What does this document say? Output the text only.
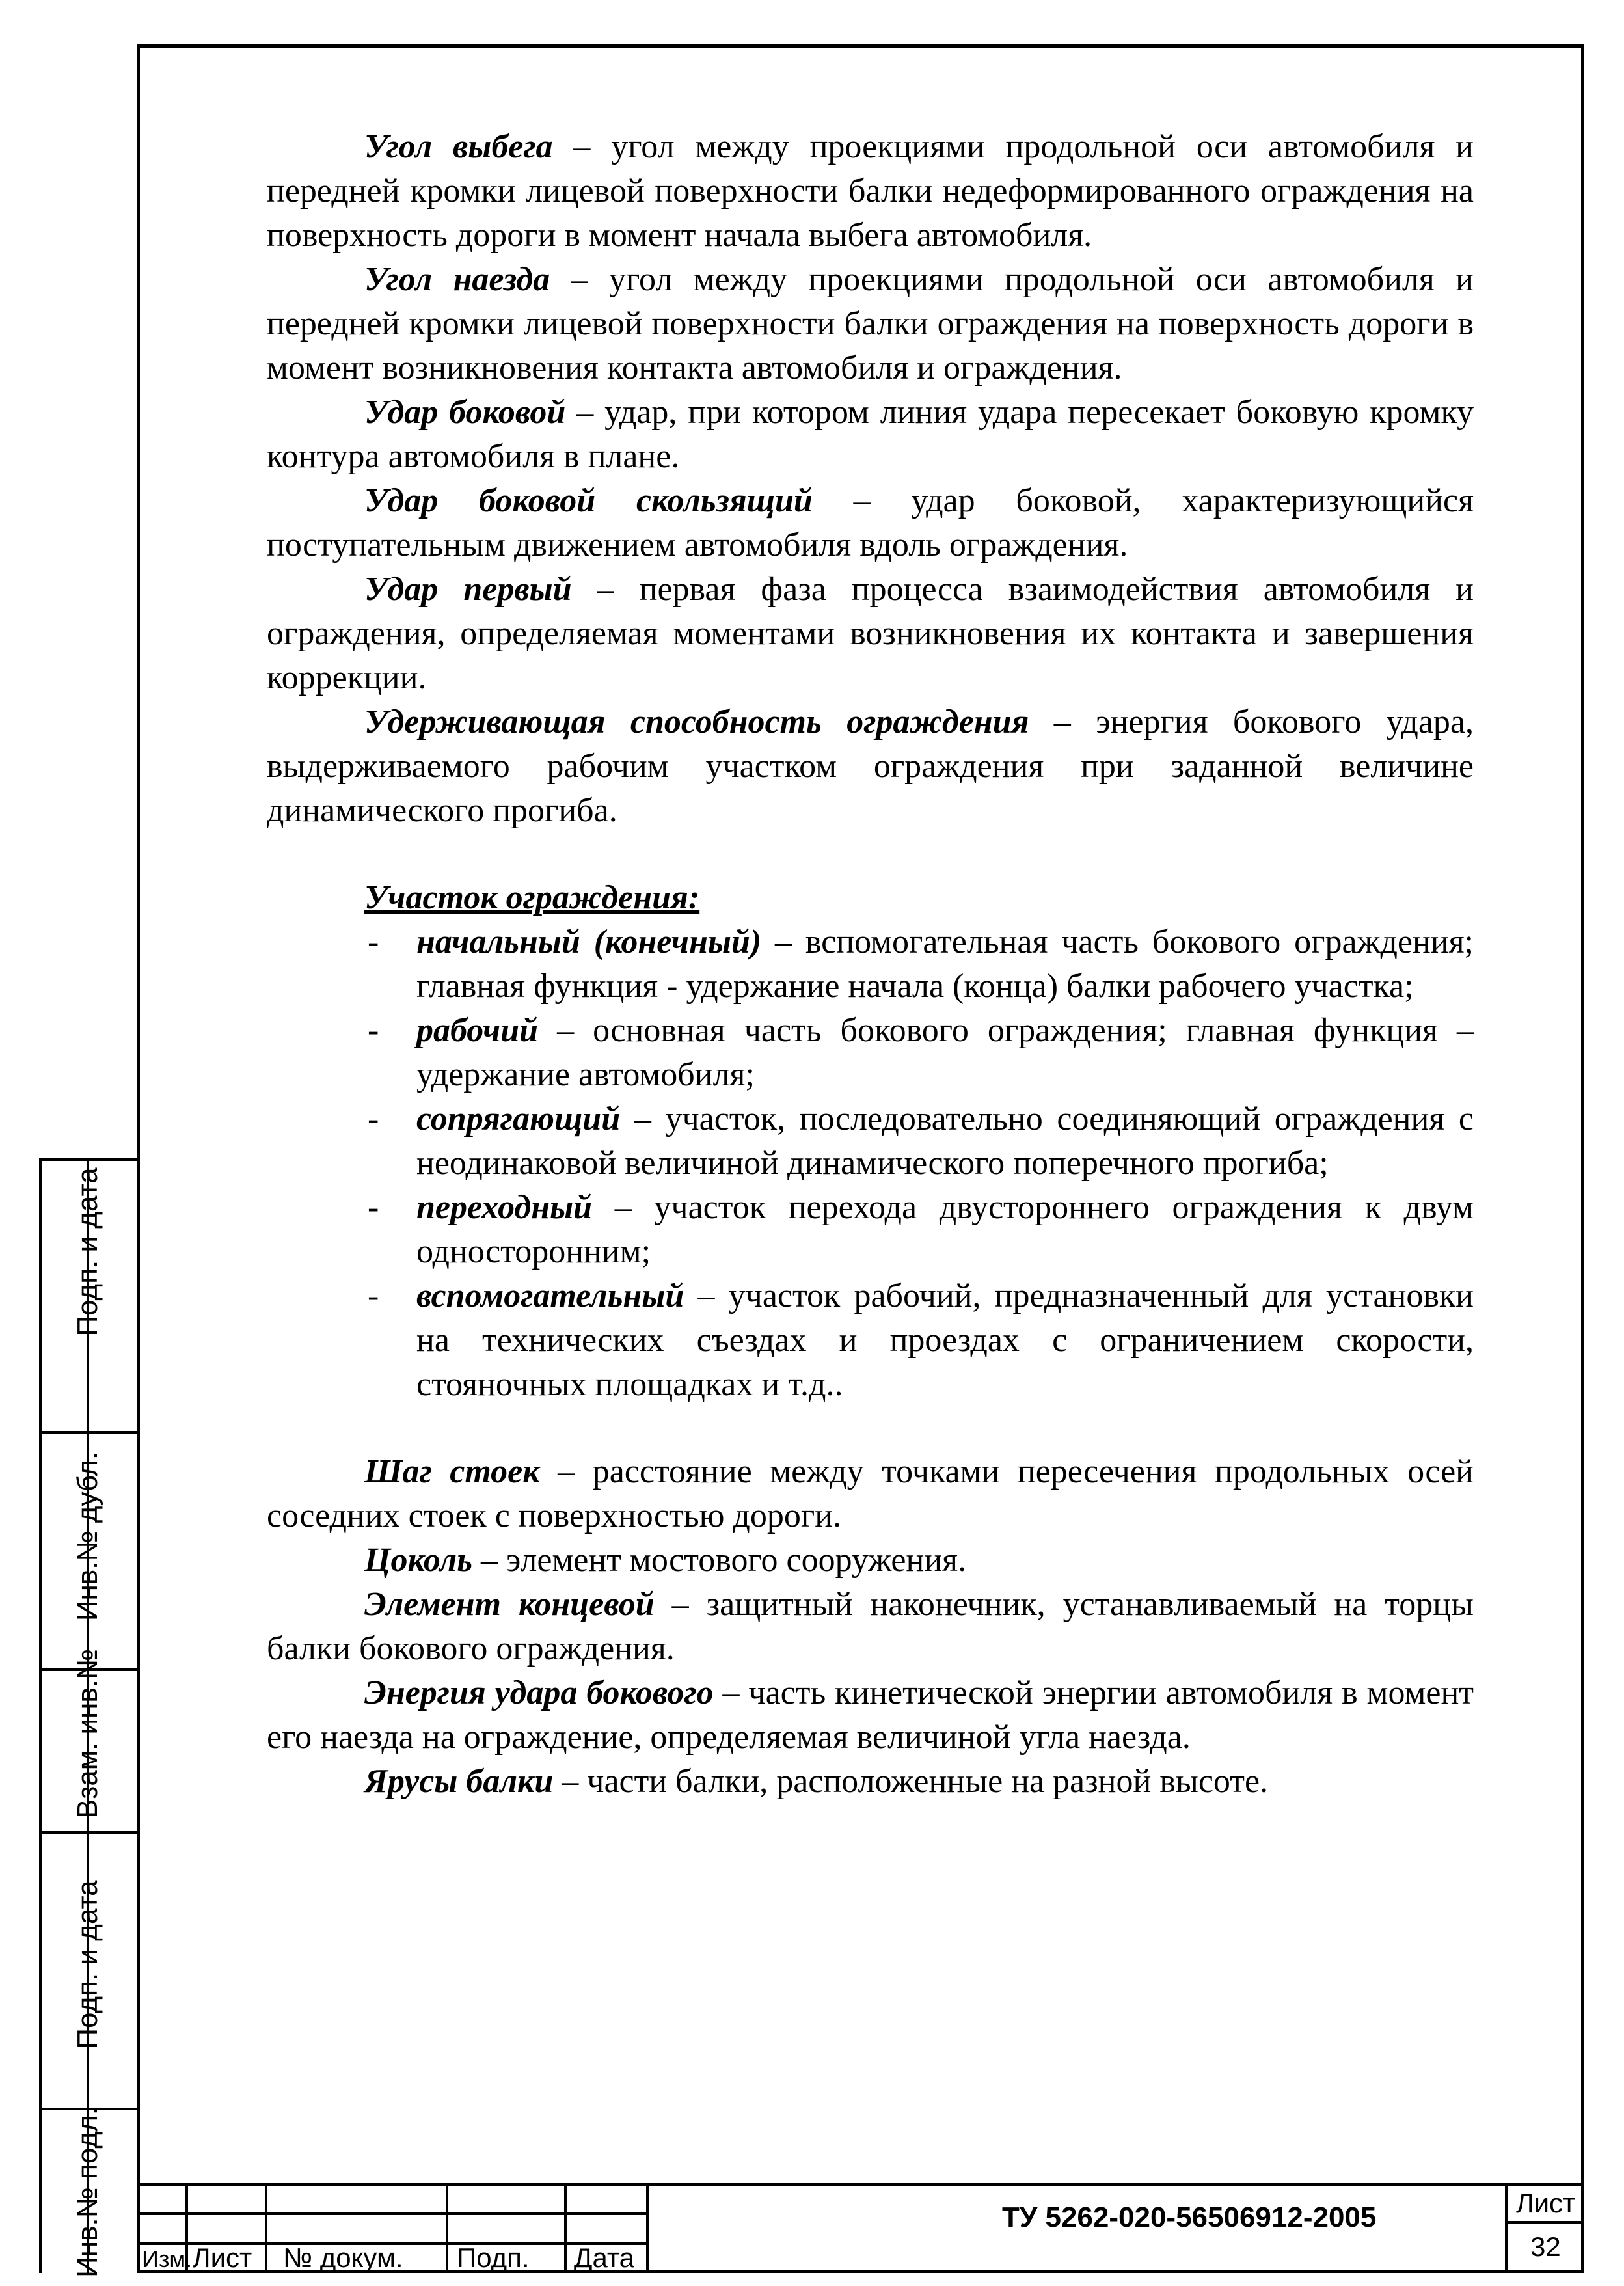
Угол выбега – угол между проекциями продольной оси автомобиля и передней кромки лицевой поверхности балки недеформированного ограждения на поверхность дороги в момент начала выбега автомобиля.

Угол наезда – угол между проекциями продольной оси автомобиля и передней кромки лицевой поверхности балки ограждения на поверхность дороги в момент возникновения контакта автомобиля и ограждения.

Удар боковой – удар, при котором линия удара пересекает боковую кромку контура автомобиля в плане.

Удар боковой скользящий – удар боковой, характеризующийся поступательным движением автомобиля вдоль ограждения.

Удар первый – первая фаза процесса взаимодействия автомобиля и ограждения, определяемая моментами возникновения их контакта и завершения коррекции.

Удерживающая способность ограждения – энергия бокового удара, выдерживаемого рабочим участком ограждения при заданной величине динамического прогиба.

Участок ограждения:
- начальный (конечный) – вспомогательная часть бокового ограждения; главная функция - удержание начала (конца) балки рабочего участка;
- рабочий – основная часть бокового ограждения; главная функция – удержание автомобиля;
- сопрягающий – участок, последовательно соединяющий ограждения с неодинаковой величиной динамического поперечного прогиба;
- переходный – участок перехода двустороннего ограждения к двум односторонним;
- вспомогательный – участок рабочий, предназначенный для установки на технических съездах и проездах с ограничением скорости, стояночных площадках и т.д..

Шаг стоек – расстояние между точками пересечения продольных осей соседних стоек с поверхностью дороги.

Цоколь – элемент мостового сооружения.

Элемент концевой – защитный наконечник, устанавливаемый на торцы балки бокового ограждения.

Энергия удара бокового – часть кинетической энергии автомобиля в момент его наезда на ограждение, определяемая величиной угла наезда.

Ярусы балки – части балки, расположенные на разной высоте.

Подп. и дата
Инв.№ дубл.
Взам. инв.№
Подп. и дата
Инв.№ подл. Изм. Лист № докум. Подп. Дата
ТУ 5262-020-56506912-2005	Лист
32
